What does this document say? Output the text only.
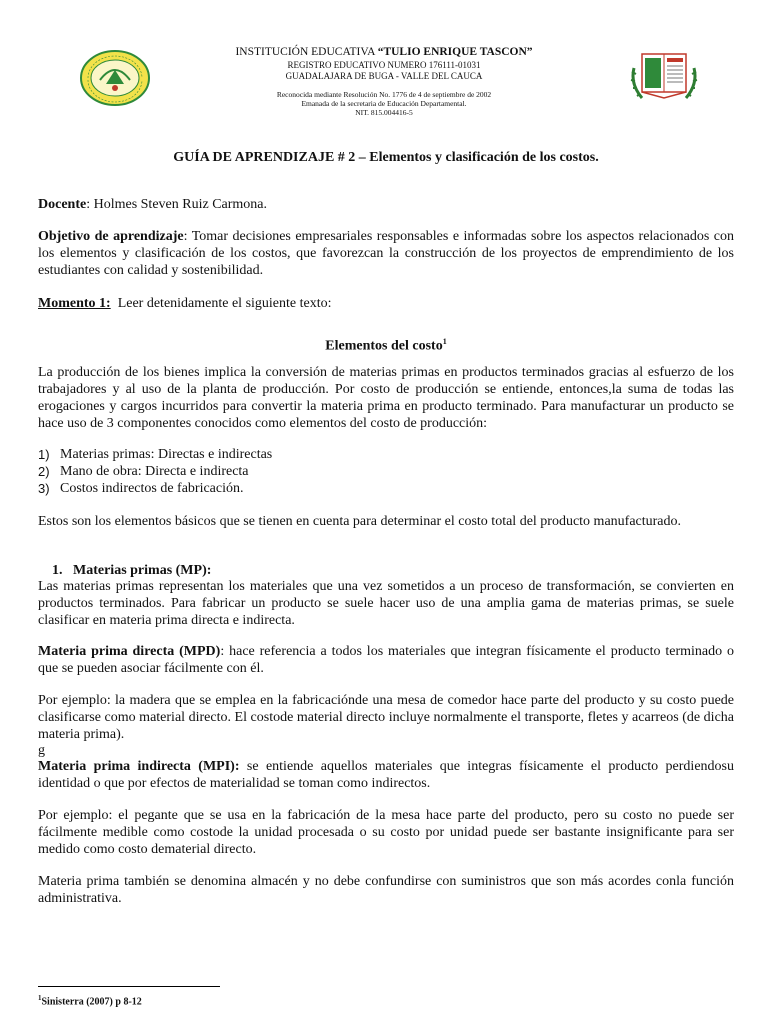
INSTITUCIÓN EDUCATIVA “TULIO ENRIQUE TASCON”
REGISTRO EDUCATIVO NUMERO 176111-01031
GUADALAJARA DE BUGA - VALLE DEL CAUCA
Reconocida mediante Resolución No. 1776 de 4 de septiembre de 2002
Emanada de la secretaria de Educación Departamental.
NIT. 815.004416-5
GUÍA DE APRENDIZAJE # 2 – Elementos y clasificación de los costos.
Docente: Holmes Steven Ruiz Carmona.
Objetivo de aprendizaje: Tomar decisiones empresariales responsables e informadas sobre los aspectos relacionados con los elementos y clasificación de los costos, que favorezcan la construcción de los proyectos de emprendimiento de los estudiantes con calidad y sostenibilidad.
Momento 1:  Leer detenidamente el siguiente texto:
Elementos del costo$^1$
La producción de los bienes implica la conversión de materias primas en productos terminados gracias al esfuerzo de los trabajadores y al uso de la planta de producción. Por costo de producción se entiende, entonces,la suma de todas las erogaciones y cargos incurridos para convertir la materia prima en producto terminado. Para manufacturar un producto se hace uso de 3 componentes conocidos como elementos del costo de producción:
1) Materias primas: Directas e indirectas
2) Mano de obra: Directa e indirecta
3) Costos indirectos de fabricación.
Estos son los elementos básicos que se tienen en cuenta para determinar el costo total del producto manufacturado.

1.   Materias primas (MP):

Las materias primas representan los materiales que una vez sometidos a un proceso de transformación, se convierten en productos terminados. Para fabricar un producto se suele hacer uso de una amplia gama de materias primas, se suele clasificar en materia prima directa e indirecta.
Materia prima directa (MPD): hace referencia a todos los materiales que integran físicamente el producto terminado o que se pueden asociar fácilmente con él.
Por ejemplo: la madera que se emplea en la fabricaciónde una mesa de comedor hace parte del producto y su costo puede clasificarse como material directo. El costode material directo incluye normalmente el transporte, fletes y acarreos (de dicha materia prima).
g
Materia prima indirecta (MPI): se entiende aquellos materiales que integras físicamente el producto perdiendosu identidad o que por efectos de materialidad se toman como indirectos.
Por ejemplo: el pegante que se usa en la fabricación de la mesa hace parte del producto, pero su costo no puede ser fácilmente medible como costode la unidad procesada o su costo por unidad puede ser bastante insignificante para ser medido como costo dematerial directo.
Materia prima también se denomina almacén y no debe confundirse con suministros que son más acordes conla función administrativa.
$^1$Sinisterra (2007) p 8-12
